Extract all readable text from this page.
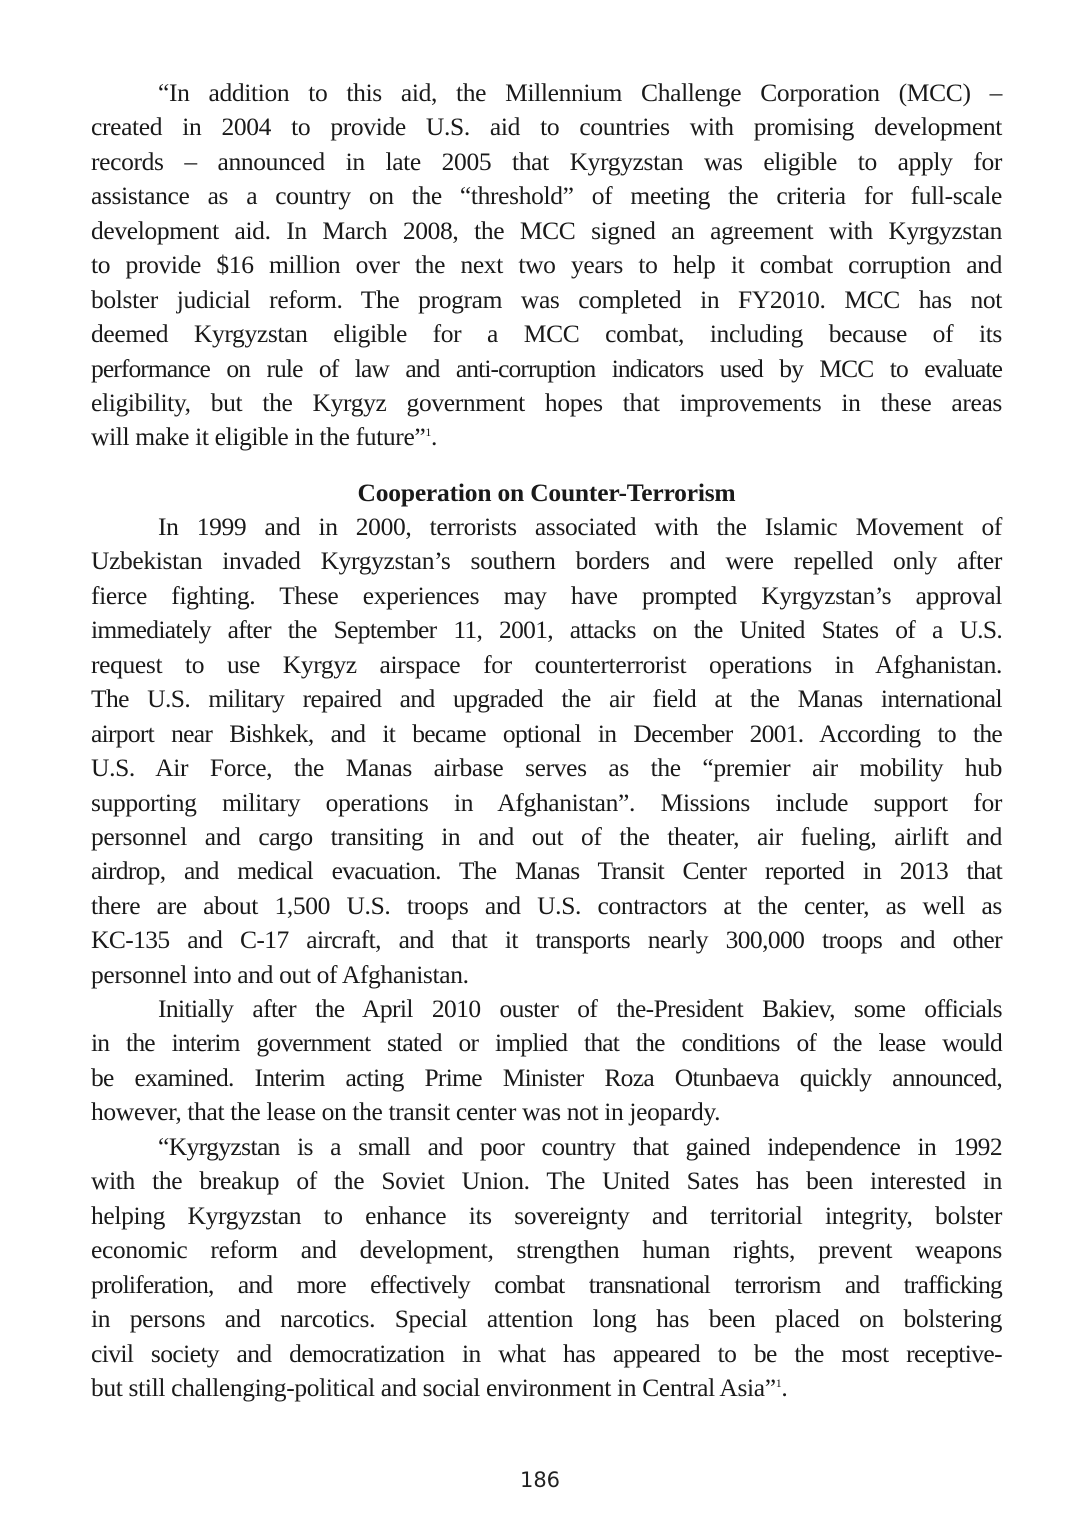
“In addition to this aid, the Millennium Challenge Corporation (MCC) –
created in 2004 to provide U.S. aid to countries with promising development
records – announced in late 2005 that Kyrgyzstan was eligible to apply for
assistance as a country on the “threshold” of meeting the criteria for full-scale
development aid. In March 2008, the MCC signed an agreement with Kyrgyzstan
to provide $16 million over the next two years to help it combat corruption and
bolster judicial reform. The program was completed in FY2010. MCC has not
deemed Kyrgyzstan eligible for a MCC combat, including because of its
performance on rule of law and anti-corruption indicators used by MCC to evaluate
eligibility, but the Kyrgyz government hopes that improvements in these areas
will make it eligible in the future”$^1$.
Cooperation on Counter-Terrorism
In 1999 and in 2000, terrorists associated with the Islamic Movement of
Uzbekistan invaded Kyrgyzstan’s southern borders and were repelled only after
fierce fighting. These experiences may have prompted Kyrgyzstan’s approval
immediately after the September 11, 2001, attacks on the United States of a U.S.
request to use Kyrgyz airspace for counterterrorist operations in Afghanistan.
The U.S. military repaired and upgraded the air field at the Manas international
airport near Bishkek, and it became optional in December 2001. According to the
U.S. Air Force, the Manas airbase serves as the “premier air mobility hub
supporting military operations in Afghanistan”. Missions include support for
personnel and cargo transiting in and out of the theater, air fueling, airlift and
airdrop, and medical evacuation. The Manas Transit Center reported in 2013 that
there are about 1,500 U.S. troops and U.S. contractors at the center, as well as
KC-135 and C-17 aircraft, and that it transports nearly 300,000 troops and other
personnel into and out of Afghanistan.
Initially after the April 2010 ouster of the-President Bakiev, some officials
in the interim government stated or implied that the conditions of the lease would
be examined. Interim acting Prime Minister Roza Otunbaeva quickly announced,
however, that the lease on the transit center was not in jeopardy.
“Kyrgyzstan is a small and poor country that gained independence in 1992
with the breakup of the Soviet Union. The United Sates has been interested in
helping Kyrgyzstan to enhance its sovereignty and territorial integrity, bolster
economic reform and development, strengthen human rights, prevent weapons
proliferation, and more effectively combat transnational terrorism and trafficking
in persons and narcotics. Special attention long has been placed on bolstering
civil society and democratization in what has appeared to be the most receptive-
but still challenging-political and social environment in Central Asia”$^1$.
186
